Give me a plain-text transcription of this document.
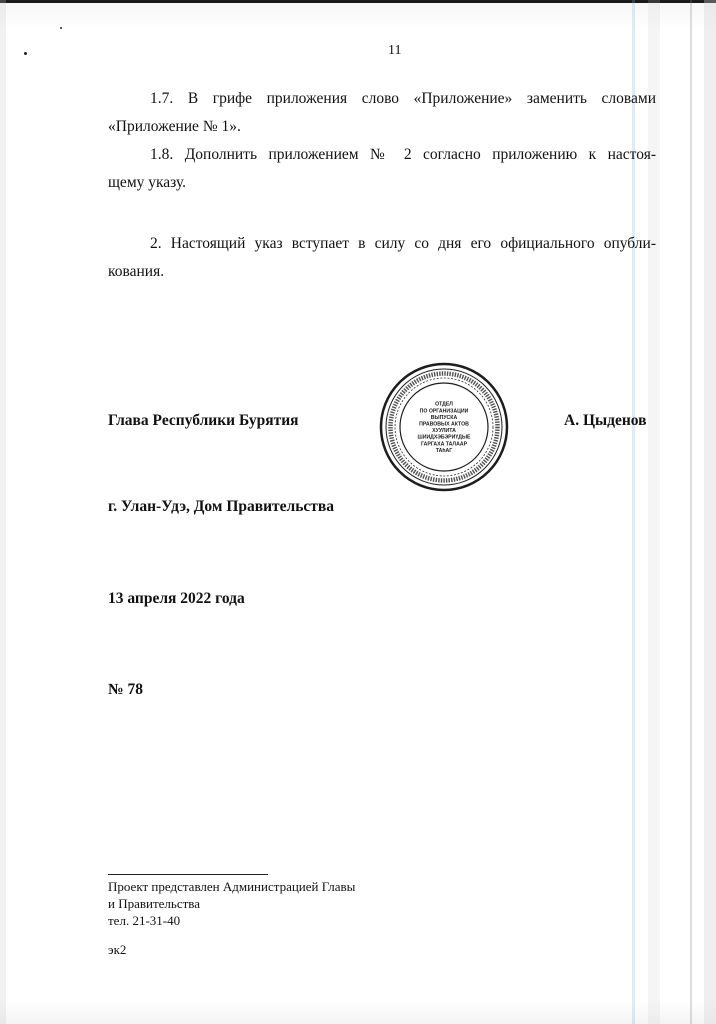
11
1.7. В грифе приложения слово «Приложение» заменить словами
«Приложение № 1».
1.8. Дополнить приложением № 2 согласно приложению к настоя-
щему указу.
2. Настоящий указ вступает в силу со дня его официального опубли-
кования.
Глава Республики Бурятия	А. Цыденов
ОТДЕЛ
ПО ОРГАНИЗАЦИИ
ВЫПУСКА
ПРАВОВЫХ АКТОВ
ХУУЛИТА
ШИИДХЭБЭРИҮДЫЕ
ГАРГАХА ТАЛААР
ТАһАГ
г. Улан-Удэ, Дом Правительства
13 апреля 2022 года
№ 78
Проект представлен Администрацией Главы
и Правительства
тел. 21-31-40
эк2
